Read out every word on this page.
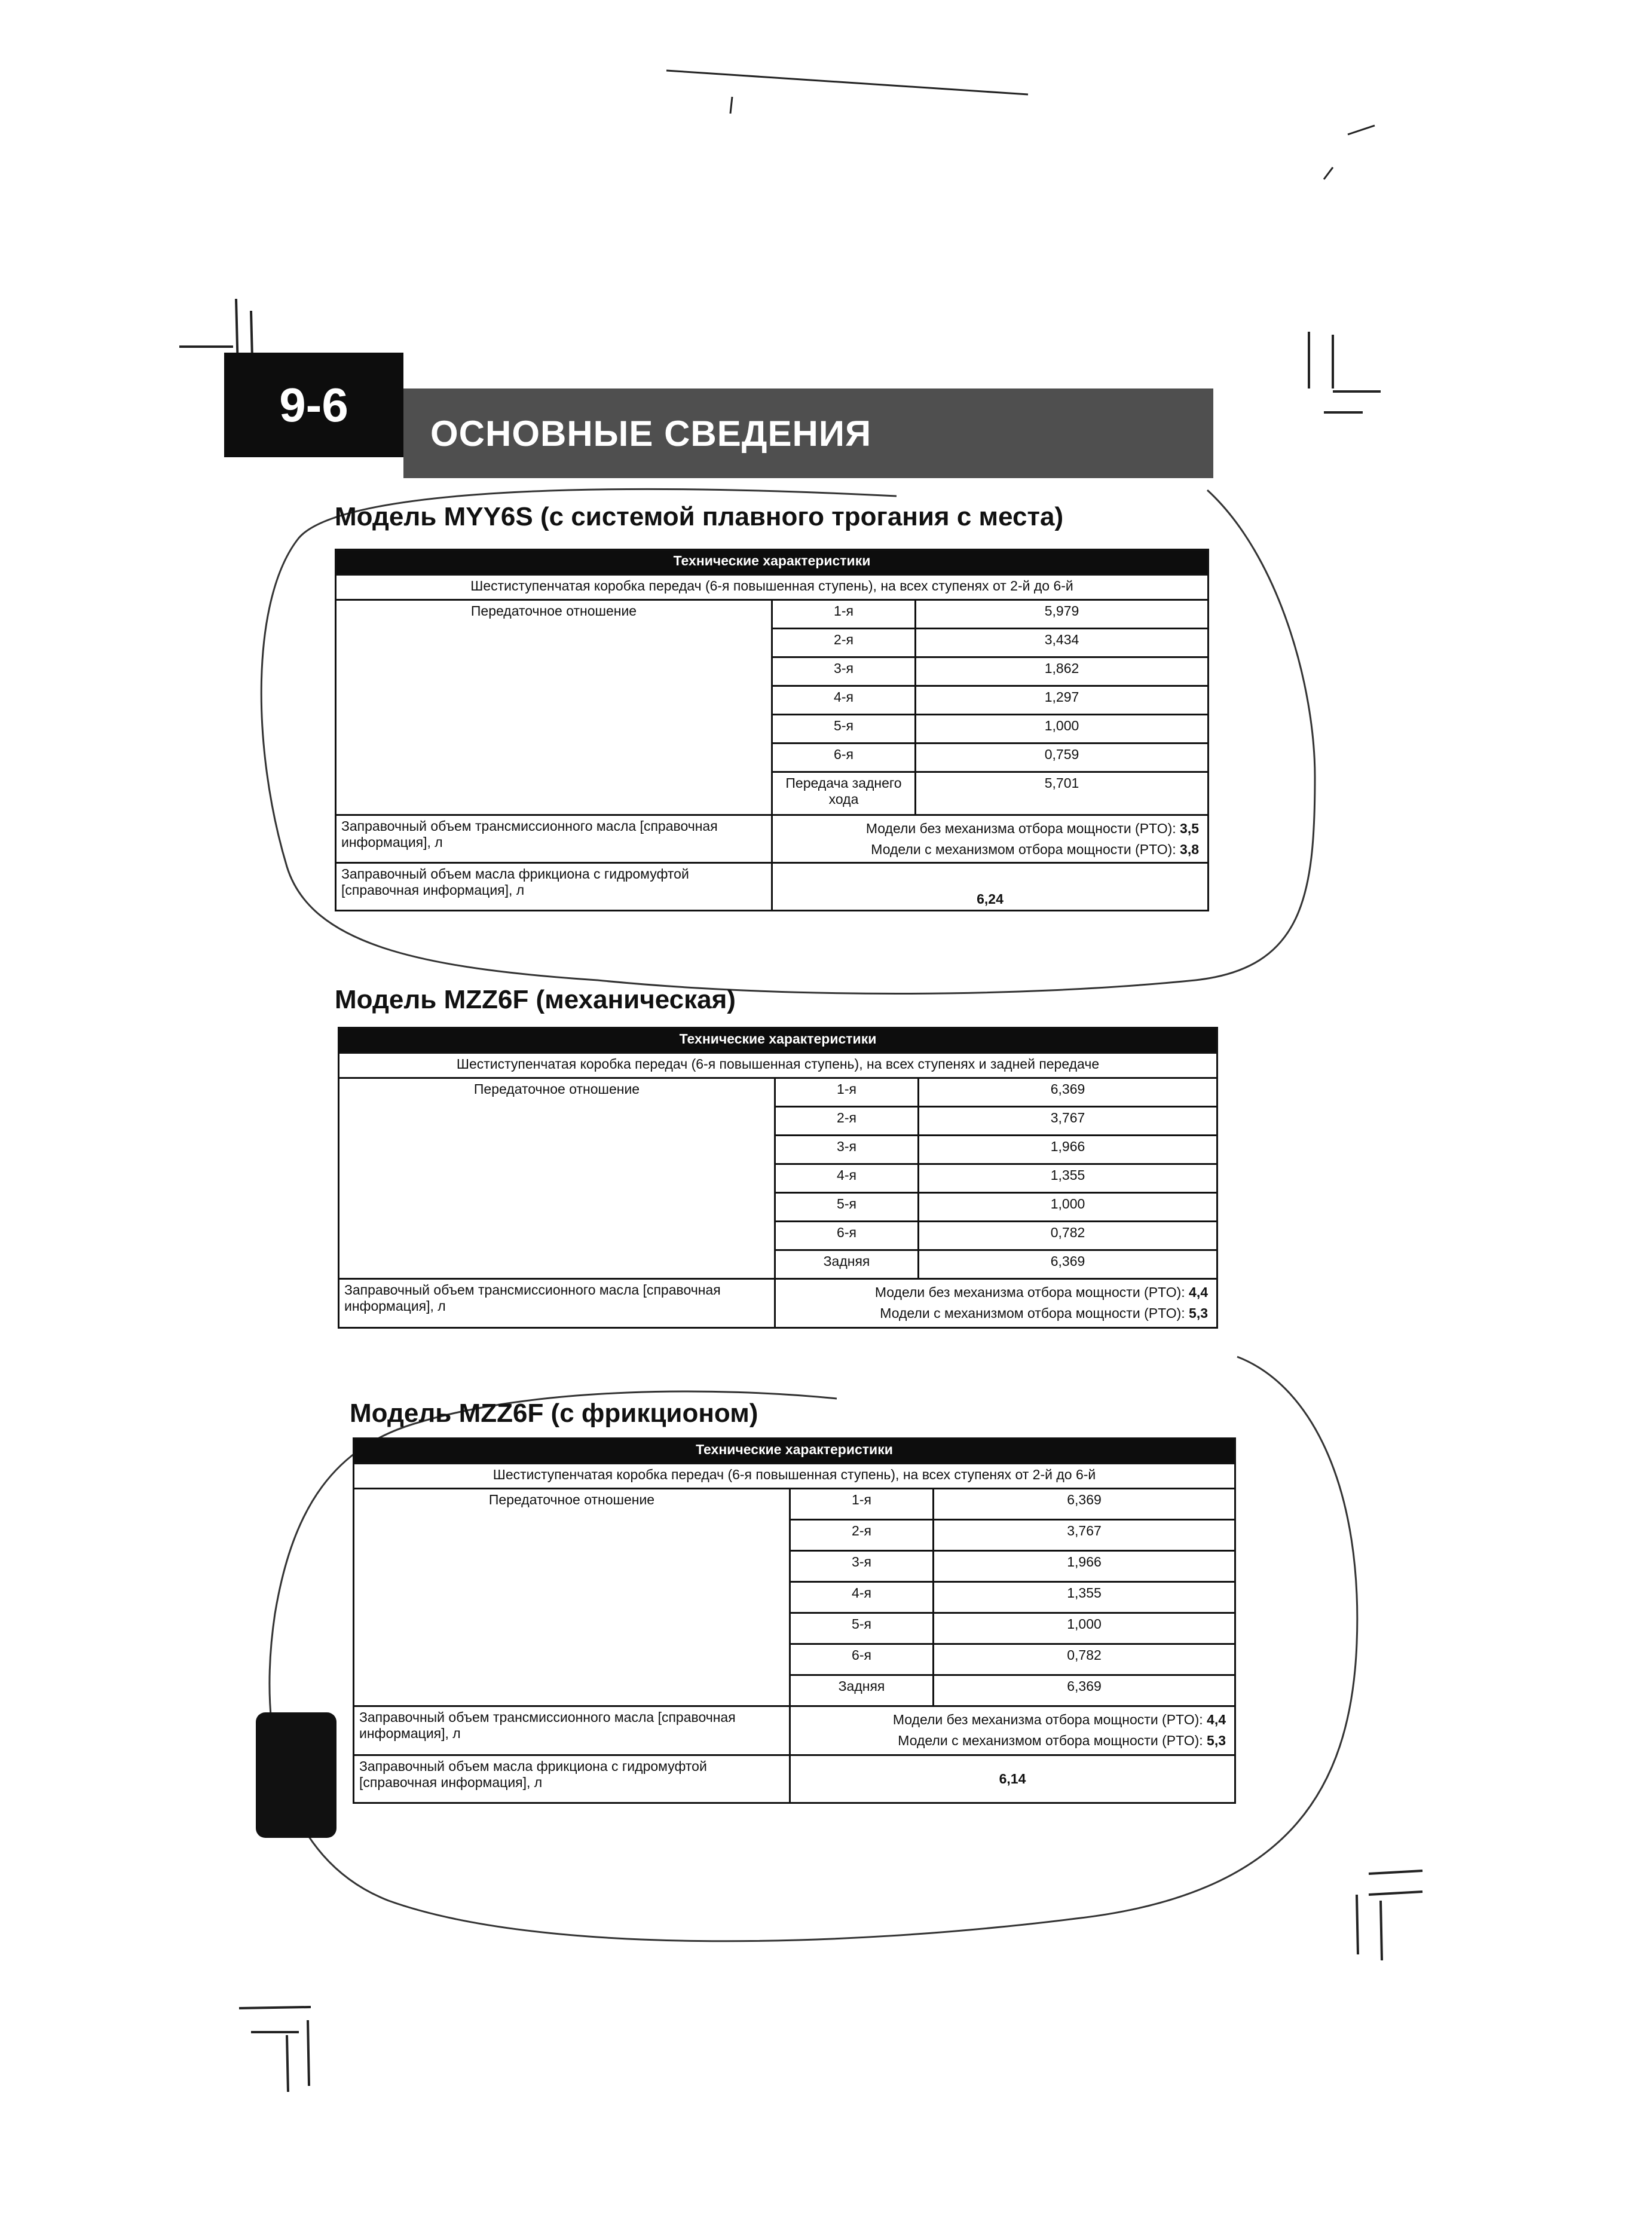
9-6
ОСНОВНЫЕ СВЕДЕНИЯ
Модель MYY6S (с системой плавного трогания с места)
Технические характеристики		
Шестиступенчатая коробка передач (6-я повышенная ступень), на всех ступенях от 2-й до 6-й		
Передаточное отношение	1-я	5,979
	2-я	3,434
	3-я	1,862
	4-я	1,297
	5-я	1,000
	6-я	0,759
	Передача заднего хода	5,701
Заправочный объем трансмиссионного масла [справочная информация], л	Модели без механизма отбора мощности (PTO): 3,5
Модели с механизмом отбора мощности (PTO): 3,8	

Заправочный объем масла фрикциона с гидромуфтой [справочная информация], л	6,24	
Модель MZZ6F (механическая)
Технические характеристики		
Шестиступенчатая коробка передач (6-я повышенная ступень), на всех ступенях и задней передаче		
Передаточное отношение	1-я	6,369
	2-я	3,767
	3-я	1,966
	4-я	1,355
	5-я	1,000
	6-я	0,782
	Задняя	6,369
Заправочный объем трансмиссионного масла [справочная информация], л	Модели без механизма отбора мощности (PTO): 4,4
Модели с механизмом отбора мощности (PTO): 5,3	
Модель MZZ6F (с фрикционом)
Технические характеристики		
Шестиступенчатая коробка передач (6-я повышенная ступень), на всех ступенях от 2-й до 6-й		
Передаточное отношение	1-я	6,369
	2-я	3,767
	3-я	1,966
	4-я	1,355
	5-я	1,000
	6-я	0,782
	Задняя	6,369
Заправочный объем трансмиссионного масла [справочная информация], л	Модели без механизма отбора мощности (PTO): 4,4
Модели с механизмом отбора мощности (PTO): 5,3	

Заправочный объем масла фрикциона с гидромуфтой [справочная информация], л	6,14	
